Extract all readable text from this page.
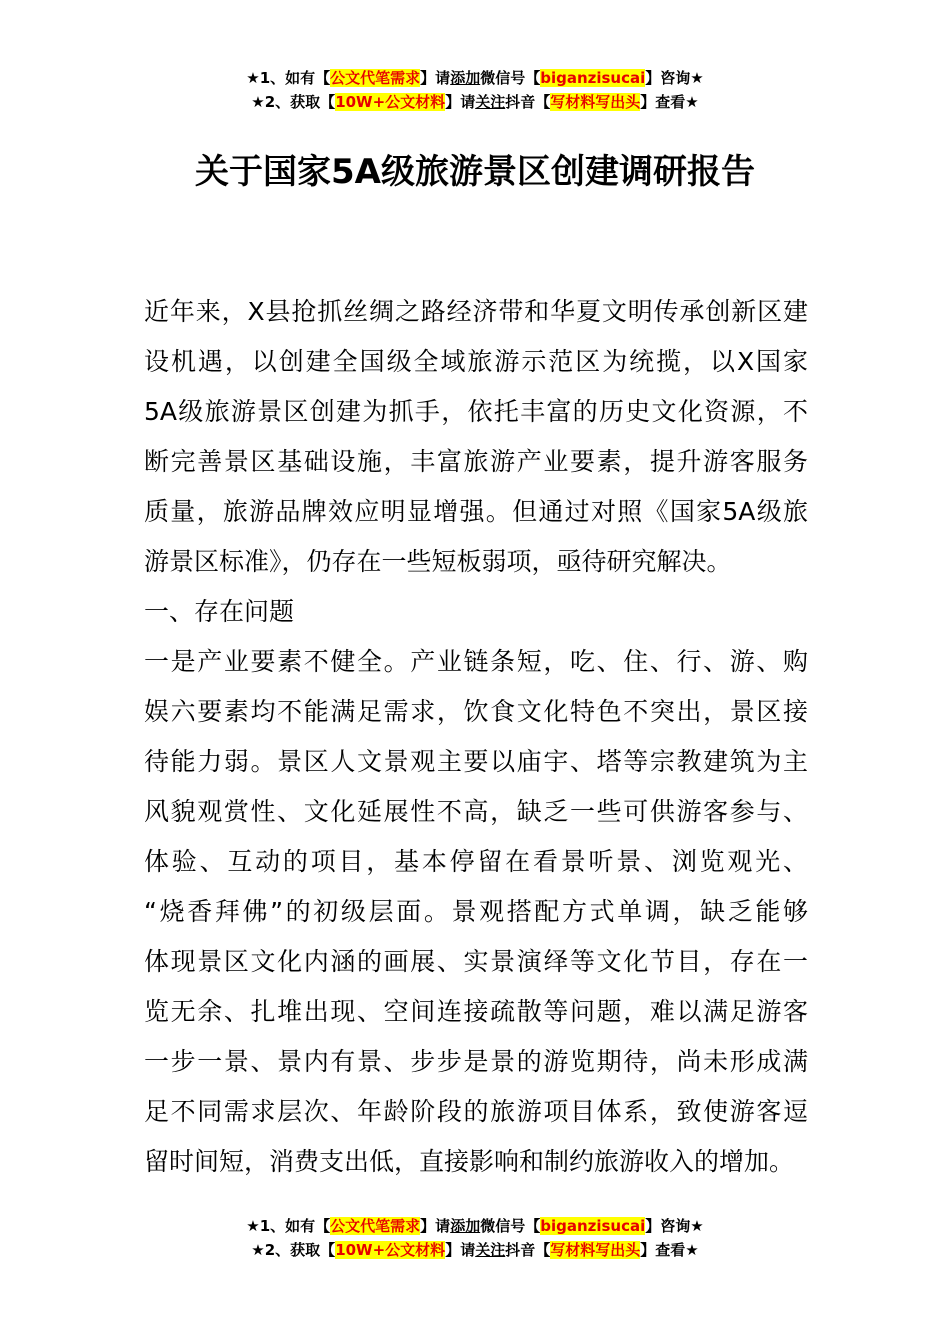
★1、如有【公文代笔需求】请添加微信号【biganzisucai】咨询★
★2、获取【10W+公文材料】请关注抖音【写材料写出头】查看★
关于国家5A级旅游景区创建调研报告
近年来，X县抢抓丝绸之路经济带和华夏文明传承创新区建
设机遇，以创建全国级全域旅游示范区为统揽，以X国家
5A级旅游景区创建为抓手，依托丰富的历史文化资源，不
断完善景区基础设施，丰富旅游产业要素，提升游客服务
质量，旅游品牌效应明显增强。但通过对照《国家5A级旅
游景区标准》，仍存在一些短板弱项，亟待研究解决。
一、存在问题
一是产业要素不健全。产业链条短，吃、住、行、游、购
娱六要素均不能满足需求，饮食文化特色不突出，景区接
待能力弱。景区人文景观主要以庙宇、塔等宗教建筑为主
风貌观赏性、文化延展性不高，缺乏一些可供游客参与、
体验、互动的项目，基本停留在看景听景、浏览观光、
“烧香拜佛”的初级层面。景观搭配方式单调，缺乏能够
体现景区文化内涵的画展、实景演绎等文化节目，存在一
览无余、扎堆出现、空间连接疏散等问题，难以满足游客
一步一景、景内有景、步步是景的游览期待，尚未形成满
足不同需求层次、年龄阶段的旅游项目体系，致使游客逗
留时间短，消费支出低，直接影响和制约旅游收入的增加。
★1、如有【公文代笔需求】请添加微信号【biganzisucai】咨询★
★2、获取【10W+公文材料】请关注抖音【写材料写出头】查看★
